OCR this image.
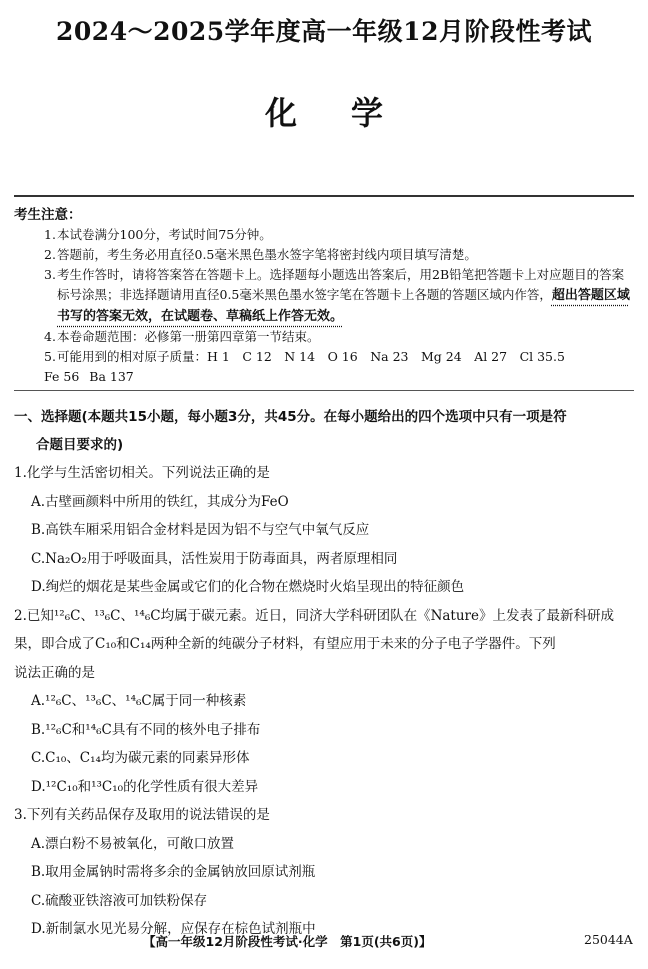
2024～2025学年度高一年级12月阶段性考试
化学
考生注意：
1. 本试卷满分100分，考试时间75分钟。
2. 答题前，考生务必用直径0.5毫米黑色墨水签字笔将密封线内项目填写清楚。
3. 考生作答时，请将答案答在答题卡上。选择题每小题选出答案后，用2B铅笔把答题卡上对应题目的答案标号涂黑；非选择题请用直径0.5毫米黑色墨水签字笔在答题卡上各题的答题区域内作答，超出答题区域书写的答案无效，在试题卷、草稿纸上作答无效。
4. 本卷命题范围：必修第一册第四章第一节结束。
5. 可能用到的相对原子质量：H 1　C 12　N 14　O 16　Na 23　Mg 24　Al 27　Cl 35.5
Fe 56 Ba 137
一、选择题(本题共15小题，每小题3分，共45分。在每小题给出的四个选项中只有一项是符
合题目要求的)
1.化学与生活密切相关。下列说法正确的是
A.古壁画颜料中所用的铁红，其成分为FeO
B.高铁车厢采用铝合金材料是因为铝不与空气中氧气反应
C.Na₂O₂用于呼吸面具，活性炭用于防毒面具，两者原理相同
D.绚烂的烟花是某些金属或它们的化合物在燃烧时火焰呈现出的特征颜色
2.已知¹²₆C、¹³₆C、¹⁴₆C均属于碳元素。近日，同济大学科研团队在《Nature》上发表了最新科研成
果，即合成了C₁₀和C₁₄两种全新的纯碳分子材料，有望应用于未来的分子电子学器件。下列
说法正确的是
A.¹²₆C、¹³₆C、¹⁴₆C属于同一种核素
B.¹²₆C和¹⁴₆C具有不同的核外电子排布
C.C₁₀、C₁₄均为碳元素的同素异形体
D.¹²C₁₀和¹³C₁₀的化学性质有很大差异
3.下列有关药品保存及取用的说法错误的是
A.漂白粉不易被氧化，可敞口放置
B.取用金属钠时需将多余的金属钠放回原试剂瓶
C.硫酸亚铁溶液可加铁粉保存
D.新制氯水见光易分解，应保存在棕色试剂瓶中
【高一年级12月阶段性考试·化学　第1页(共6页)】	25044A
